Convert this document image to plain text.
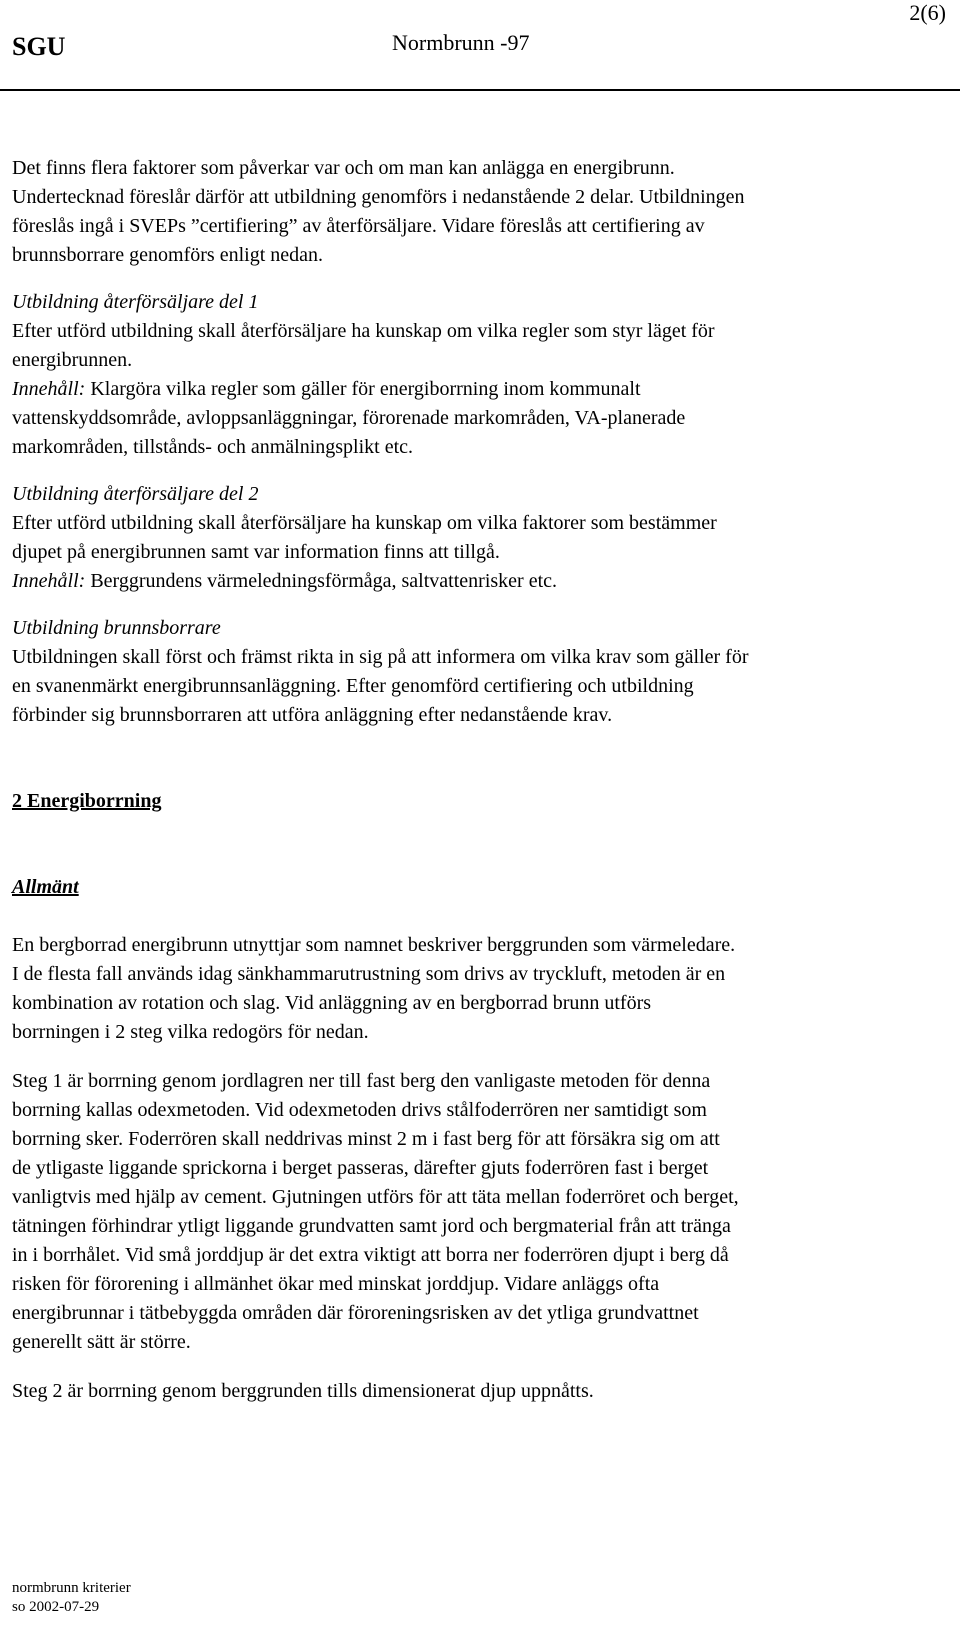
2(6)
SGU	Normbrunn -97

Det finns flera faktorer som påverkar var och om man kan anlägga en energibrunn.

Undertecknad föreslår därför att utbildning genomförs i nedanstående 2 delar. Utbildningen

föreslås ingå i SVEPs ”certifiering” av återförsäljare. Vidare föreslås att certifiering av

brunnsborrare genomförs enligt nedan.

Utbildning återförsäljare del 1

Efter utförd utbildning skall återförsäljare ha kunskap om vilka regler som styr läget för

energibrunnen.

Innehåll: Klargöra vilka regler som gäller för energiborrning inom kommunalt

vattenskyddsområde, avloppsanläggningar, förorenade markområden, VA-planerade

markområden, tillstånds- och anmälningsplikt etc.

Utbildning återförsäljare del 2

Efter utförd utbildning skall återförsäljare ha kunskap om vilka faktorer som bestämmer

djupet på energibrunnen samt var information finns att tillgå.

Innehåll: Berggrundens värmeledningsförmåga, saltvattenrisker etc.

Utbildning brunnsborrare

Utbildningen skall först och främst rikta in sig på att informera om vilka krav som gäller för

en svanenmärkt energibrunnsanläggning. Efter genomförd certifiering och utbildning

förbinder sig brunnsborraren att utföra anläggning efter nedanstående krav.

2 Energiborrning

Allmänt

En bergborrad energibrunn utnyttjar som namnet beskriver berggrunden som värmeledare.

I de flesta fall används idag sänkhammarutrustning som drivs av tryckluft, metoden är en

kombination av rotation och slag. Vid anläggning av en bergborrad brunn utförs

borrningen i 2 steg vilka redogörs för nedan.

Steg 1 är borrning genom jordlagren ner till fast berg den vanligaste metoden för denna

borrning kallas odexmetoden. Vid odexmetoden drivs stålfoderrören ner samtidigt som

borrning sker. Foderrören skall neddrivas minst 2 m i fast berg för att försäkra sig om att

de ytligaste liggande sprickorna i berget passeras, därefter gjuts foderrören fast i berget

vanligtvis med hjälp av cement. Gjutningen utförs för att täta mellan foderröret och berget,

tätningen förhindrar ytligt liggande grundvatten samt jord och bergmaterial från att tränga

in i borrhålet. Vid små jorddjup är det extra viktigt att borra ner foderrören djupt i berg då

risken för förorening i allmänhet ökar med minskat jorddjup. Vidare anläggs ofta

energibrunnar i tätbebyggda områden där föroreningsrisken av det ytliga grundvattnet

generellt sätt är större.

Steg 2 är borrning genom berggrunden tills dimensionerat djup uppnåtts.

normbrunn kriterier
so 2002-07-29
